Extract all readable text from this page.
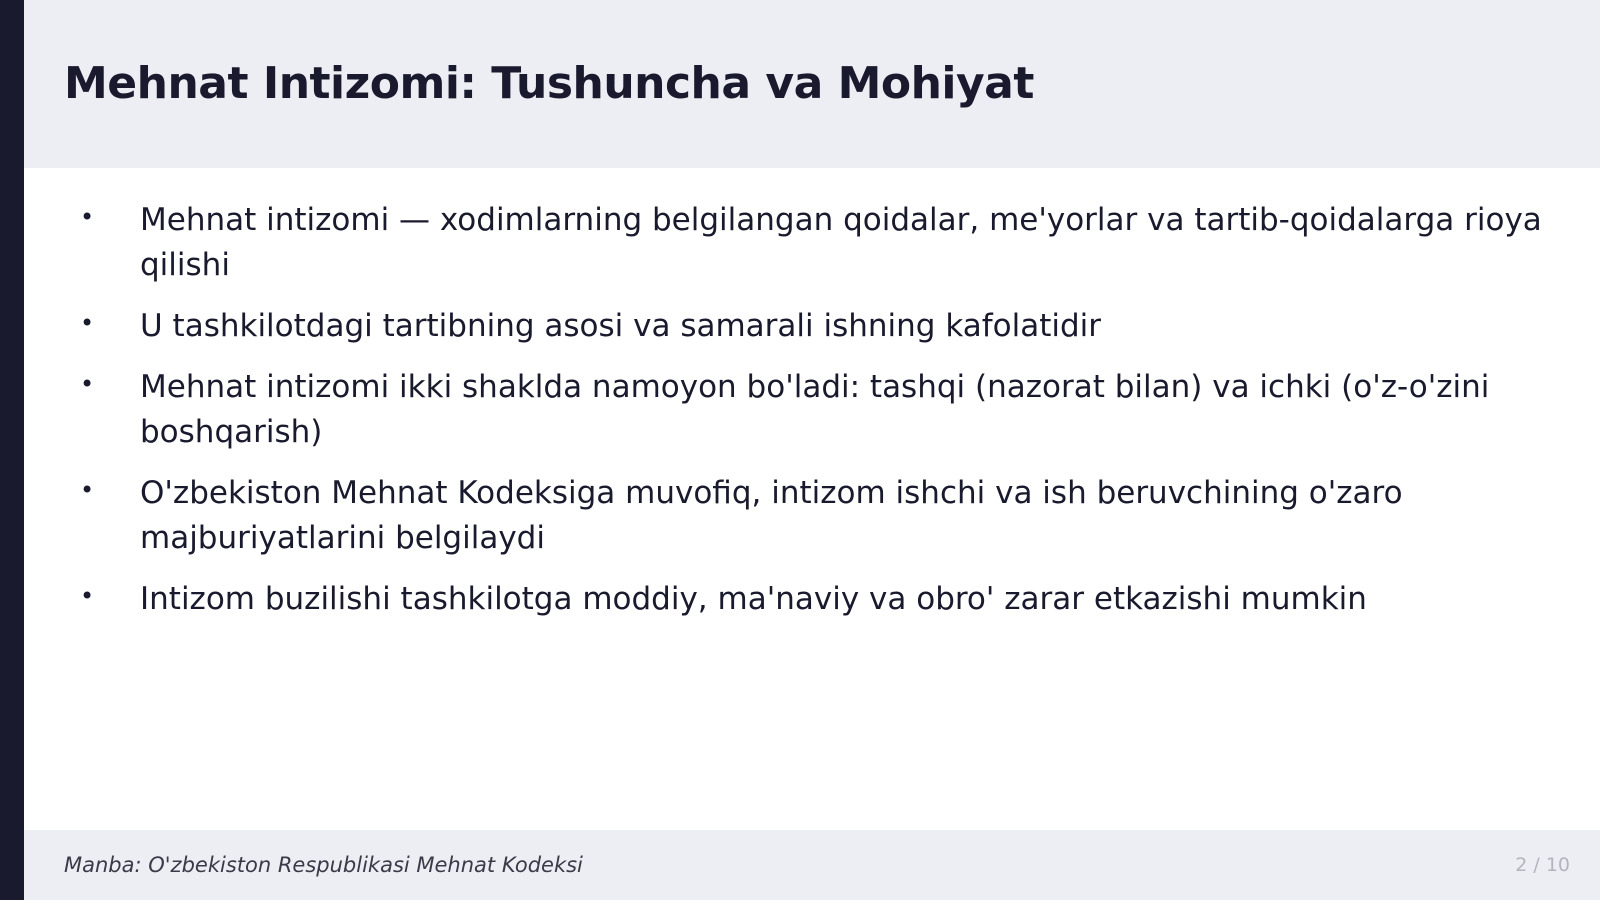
Mehnat Intizomi: Tushuncha va Mohiyat
• Mehnat intizomi — xodimlarning belgilangan qoidalar, me'yorlar va tartib-qoidalarga rioya qilishi
• U tashkilotdagi tartibning asosi va samarali ishning kafolatidir
• Mehnat intizomi ikki shaklda namoyon bo'ladi: tashqi (nazorat bilan) va ichki (o'z-o'zini boshqarish)
• O'zbekiston Mehnat Kodeksiga muvofiq, intizom ishchi va ish beruvchining o'zaro majburiyatlarini belgilaydi
• Intizom buzilishi tashkilotga moddiy, ma'naviy va obro' zarar etkazishi mumkin
Manba: O'zbekiston Respublikasi Mehnat Kodeksi	2 / 10
